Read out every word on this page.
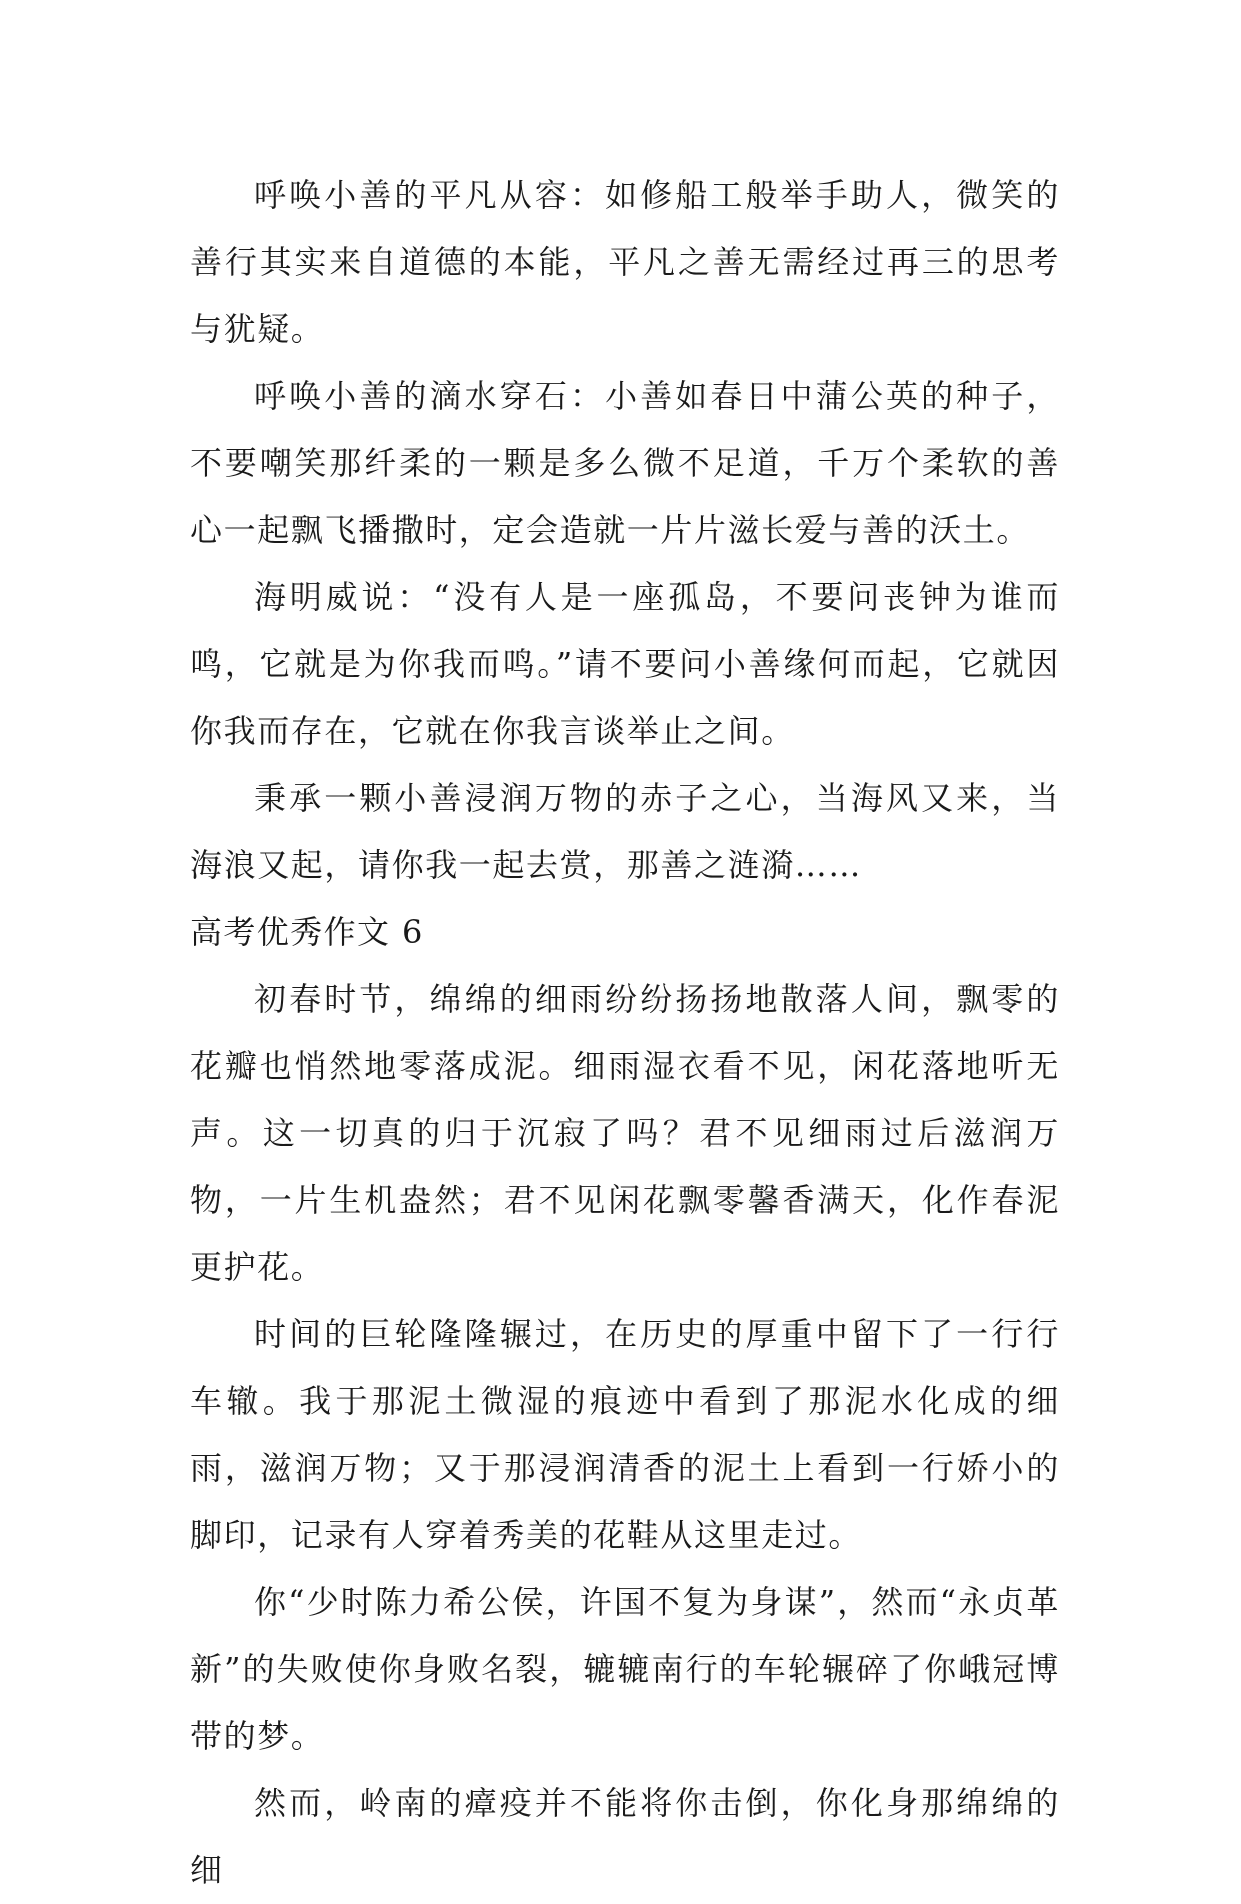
呼唤小善的平凡从容：如修船工般举手助人，微笑的善行其实来自道德的本能，平凡之善无需经过再三的思考与犹疑。

呼唤小善的滴水穿石：小善如春日中蒲公英的种子，不要嘲笑那纤柔的一颗是多么微不足道，千万个柔软的善心一起飘飞播撒时，定会造就一片片滋长爱与善的沃土。

海明威说：“没有人是一座孤岛，不要问丧钟为谁而鸣，它就是为你我而鸣。”请不要问小善缘何而起，它就因你我而存在，它就在你我言谈举止之间。

秉承一颗小善浸润万物的赤子之心，当海风又来，当海浪又起，请你我一起去赏，那善之涟漪……

高考优秀作文 6

初春时节，绵绵的细雨纷纷扬扬地散落人间，飘零的花瓣也悄然地零落成泥。细雨湿衣看不见，闲花落地听无声。这一切真的归于沉寂了吗？君不见细雨过后滋润万物，一片生机盎然；君不见闲花飘零馨香满天，化作春泥更护花。

时间的巨轮隆隆辗过，在历史的厚重中留下了一行行车辙。我于那泥土微湿的痕迹中看到了那泥水化成的细雨，滋润万物；又于那浸润清香的泥土上看到一行娇小的脚印，记录有人穿着秀美的花鞋从这里走过。

你“少时陈力希公侯，许国不复为身谋”，然而“永贞革新”的失败使你身败名裂，辘辘南行的车轮辗碎了你峨冠博带的梦。

然而，岭南的瘴疫并不能将你击倒，你化身那绵绵的细
